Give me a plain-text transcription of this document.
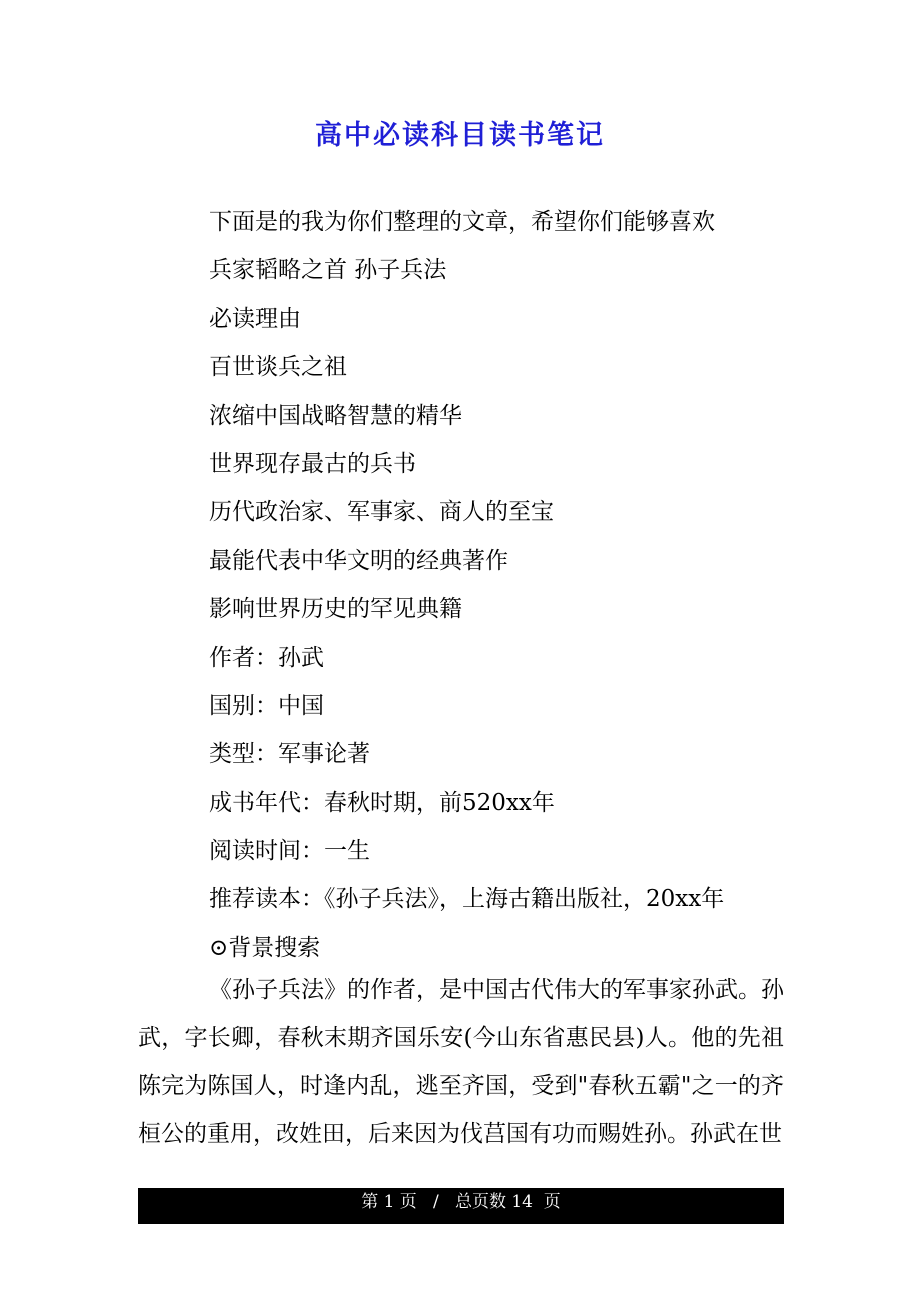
高中必读科目读书笔记
下面是的我为你们整理的文章，希望你们能够喜欢
兵家韬略之首 孙子兵法
必读理由
百世谈兵之祖
浓缩中国战略智慧的精华
世界现存最古的兵书
历代政治家、军事家、商人的至宝
最能代表中华文明的经典著作
影响世界历史的罕见典籍
作者：孙武
国别：中国
类型：军事论著
成书年代：春秋时期，前520xx年
阅读时间：一生
推荐读本：《孙子兵法》，上海古籍出版社，20xx年
⊙背景搜索

《孙子兵法》的作者，是中国古代伟大的军事家孙武。孙武，字长卿，春秋末期齐国乐安(今山东省惠民县)人。他的先祖陈完为陈国人，时逢内乱，逃至齐国，受到"春秋五霸"之一的齐桓公的重用，改姓田，后来因为伐莒国有功而赐姓孙。孙武在世

第 1 页   /   总页数 14  页
